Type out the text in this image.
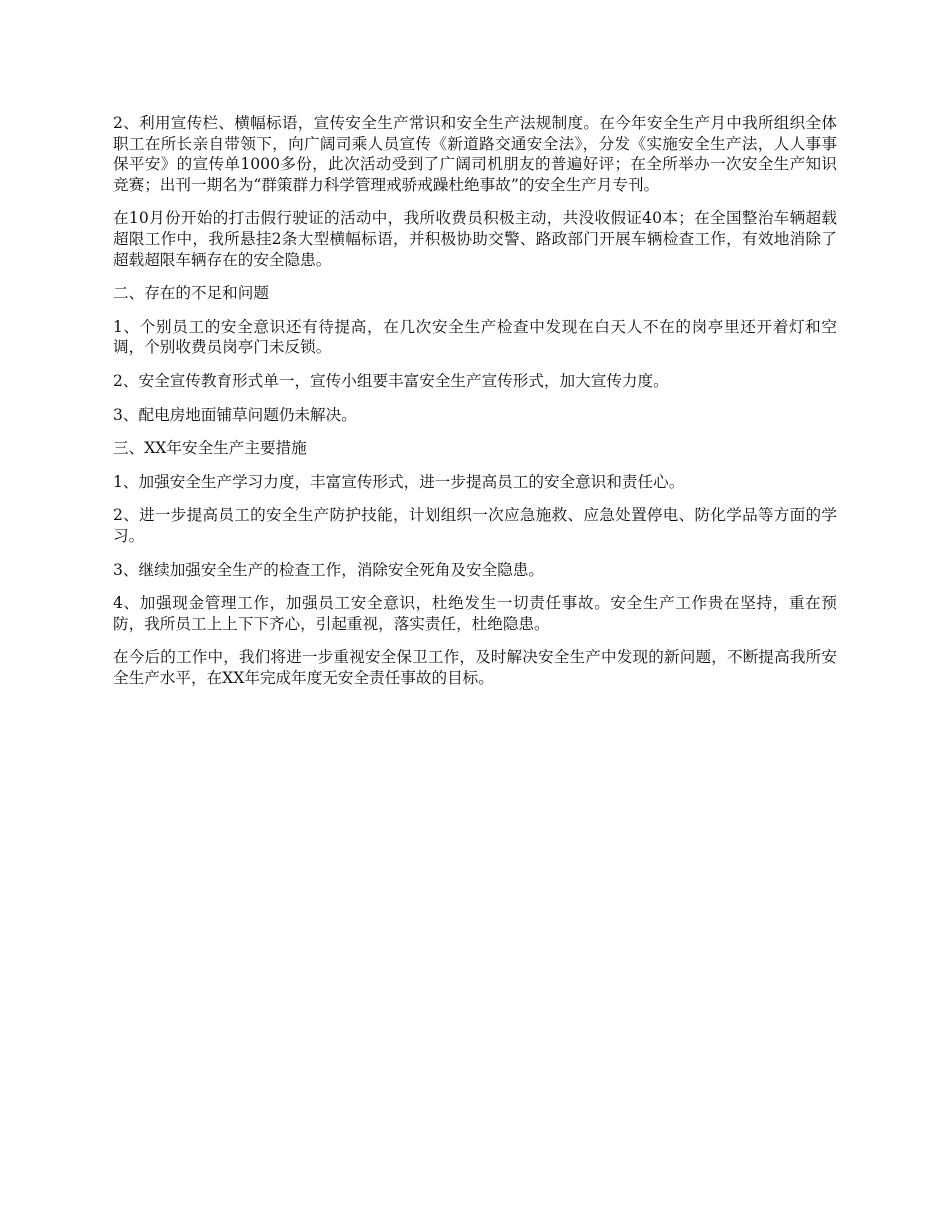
2、利用宣传栏、横幅标语，宣传安全生产常识和安全生产法规制度。在今年安全生产月中我所组织全体职工在所长亲自带领下，向广阔司乘人员宣传《新道路交通安全法》，分发《实施安全生产法，人人事事保平安》的宣传单1000多份，此次活动受到了广阔司机朋友的普遍好评；在全所举办一次安全生产知识竞赛；出刊一期名为“群策群力科学管理戒骄戒躁杜绝事故”的安全生产月专刊。

在10月份开始的打击假行驶证的活动中，我所收费员积极主动，共没收假证40本；在全国整治车辆超载超限工作中，我所悬挂2条大型横幅标语，并积极协助交警、路政部门开展车辆检查工作，有效地消除了超载超限车辆存在的安全隐患。

二、存在的不足和问题

1、个别员工的安全意识还有待提高，在几次安全生产检查中发现在白天人不在的岗亭里还开着灯和空调，个别收费员岗亭门未反锁。

2、安全宣传教育形式单一，宣传小组要丰富安全生产宣传形式，加大宣传力度。

3、配电房地面铺草问题仍未解决。

三、XX年安全生产主要措施

1、加强安全生产学习力度，丰富宣传形式，进一步提高员工的安全意识和责任心。

2、进一步提高员工的安全生产防护技能，计划组织一次应急施救、应急处置停电、防化学品等方面的学习。

3、继续加强安全生产的检查工作，消除安全死角及安全隐患。

4、加强现金管理工作，加强员工安全意识，杜绝发生一切责任事故。安全生产工作贵在坚持，重在预防，我所员工上上下下齐心，引起重视，落实责任，杜绝隐患。

在今后的工作中，我们将进一步重视安全保卫工作，及时解决安全生产中发现的新问题，不断提高我所安全生产水平，在XX年完成年度无安全责任事故的目标。
